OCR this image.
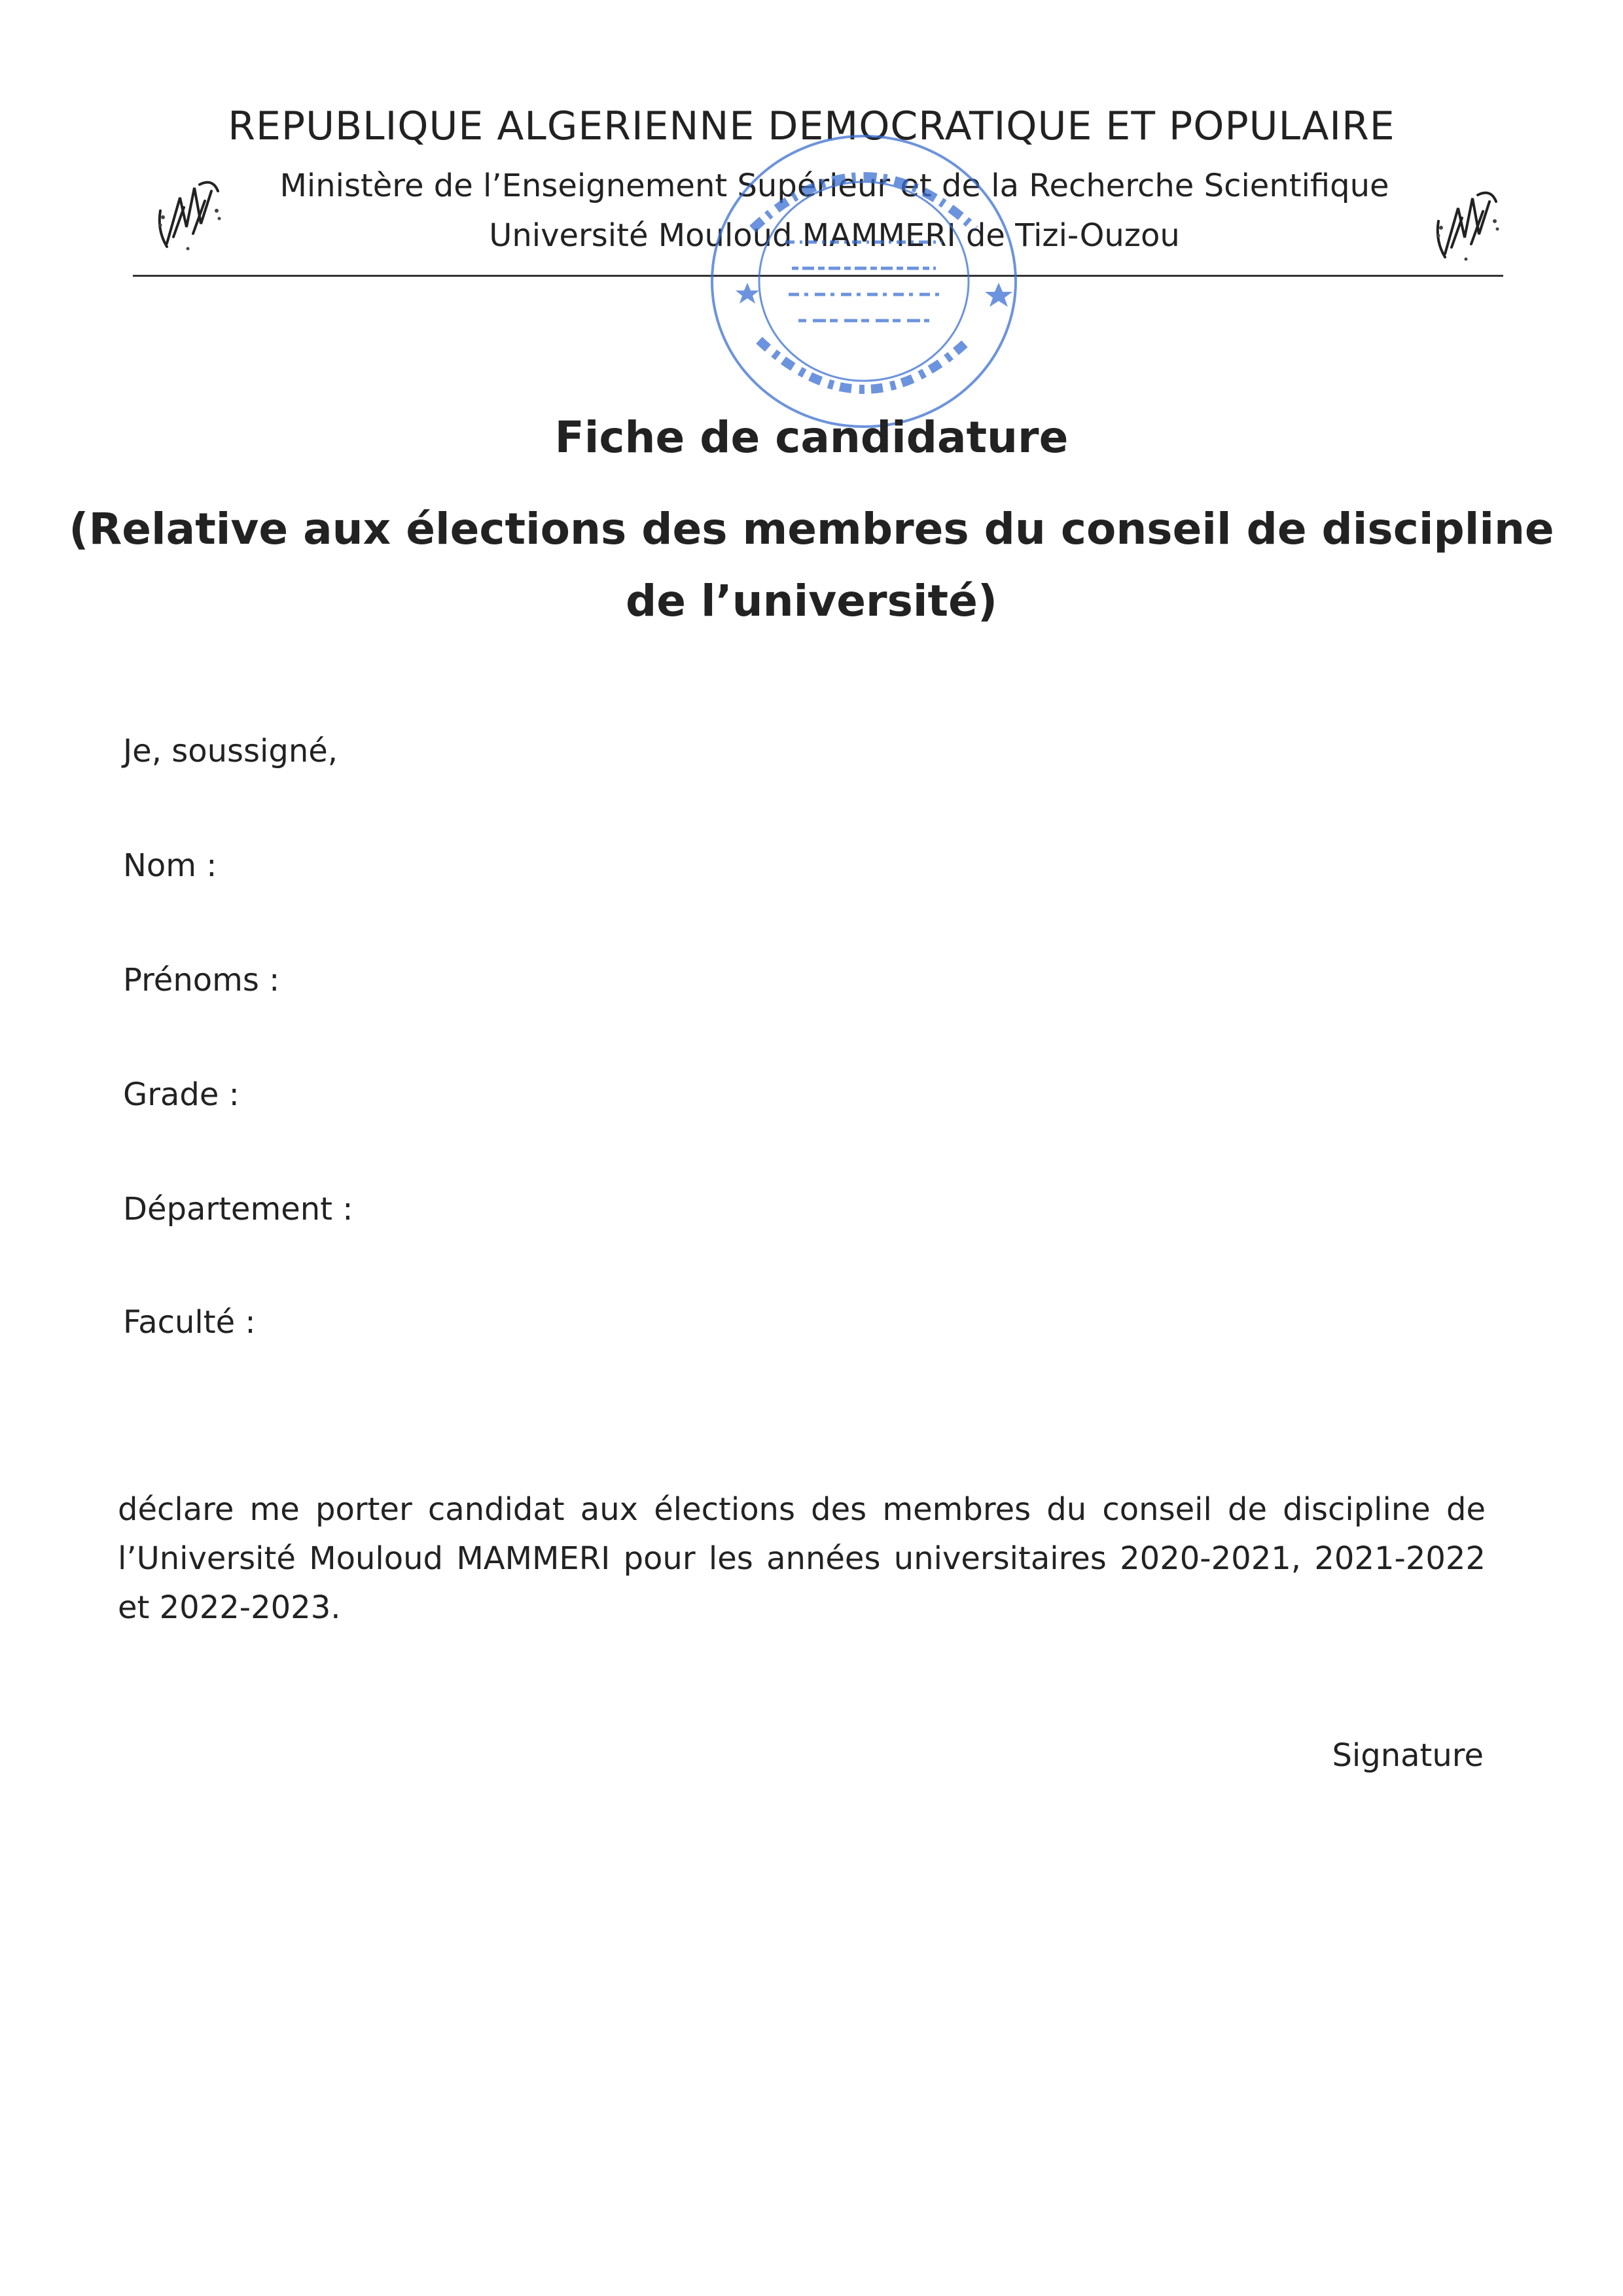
REPUBLIQUE ALGERIENNE DEMOCRATIQUE ET POPULAIRE
Ministère de l’Enseignement Supérieur et de la Recherche Scientifique
Université Mouloud MAMMERI de Tizi-Ouzou
Fiche de candidature
(Relative aux élections des membres du conseil de discipline
de l’université)
Je, soussigné,
Nom :
Prénoms :
Grade :
Département :
Faculté :
déclare me porter candidat aux élections des membres du conseil de discipline de l’Université Mouloud MAMMERI pour les années universitaires 2020-2021, 2021-2022 et 2022-2023.
Signature
